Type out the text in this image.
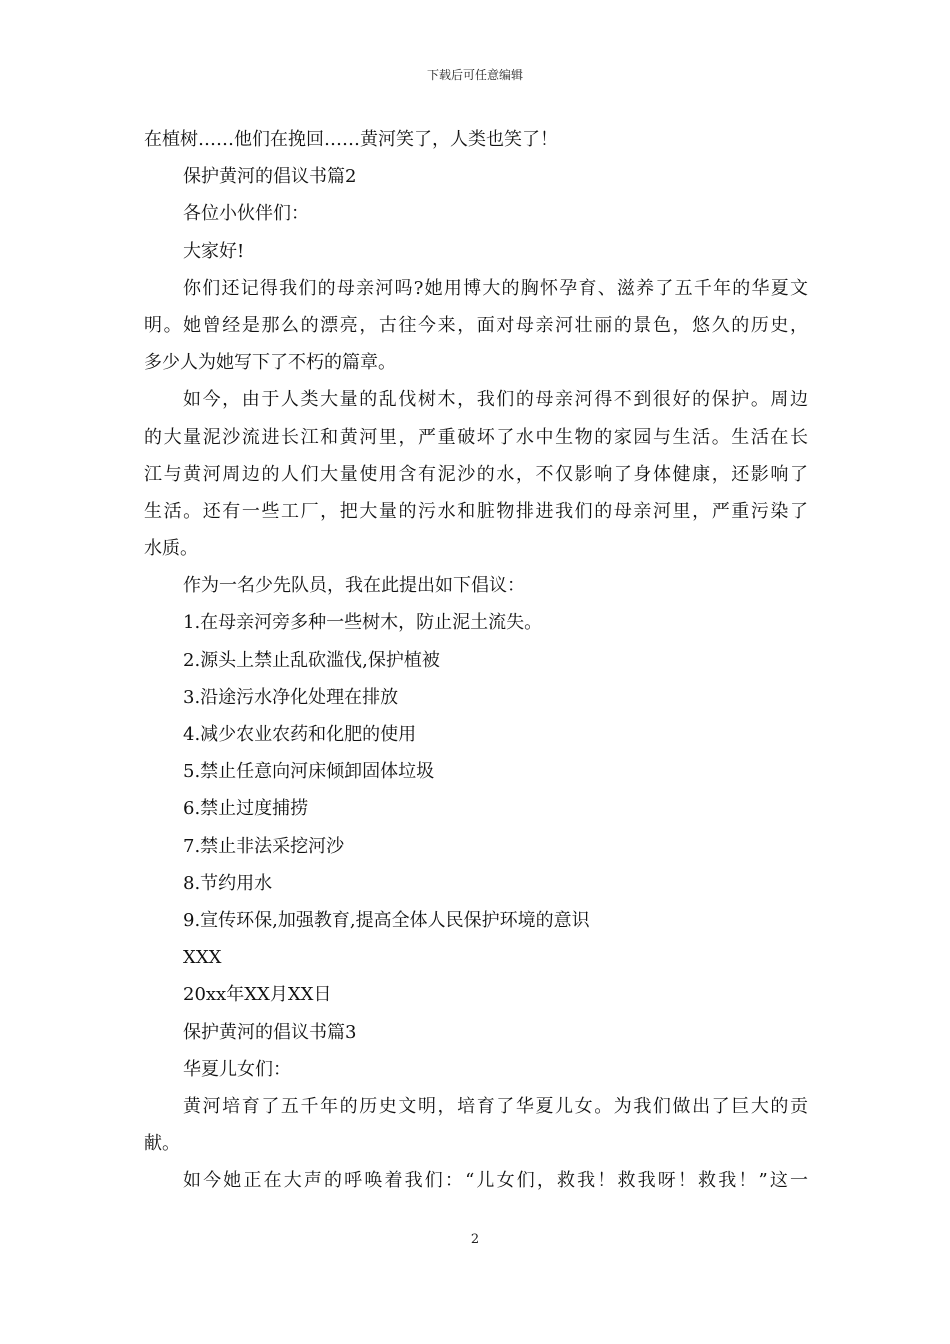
下载后可任意编辑
在植树……他们在挽回……黄河笑了，人类也笑了！
保护黄河的倡议书篇2
各位小伙伴们：
大家好!
你们还记得我们的母亲河吗?她用博大的胸怀孕育、滋养了五千年的华夏文
明。她曾经是那么的漂亮，古往今来，面对母亲河壮丽的景色，悠久的历史，
多少人为她写下了不朽的篇章。
如今，由于人类大量的乱伐树木，我们的母亲河得不到很好的保护。周边
的大量泥沙流进长江和黄河里，严重破坏了水中生物的家园与生活。生活在长
江与黄河周边的人们大量使用含有泥沙的水，不仅影响了身体健康，还影响了
生活。还有一些工厂，把大量的污水和脏物排进我们的母亲河里，严重污染了
水质。
作为一名少先队员，我在此提出如下倡议：
1.在母亲河旁多种一些树木，防止泥土流失。
2.源头上禁止乱砍滥伐,保护植被
3.沿途污水净化处理在排放
4.减少农业农药和化肥的使用
5.禁止任意向河床倾卸固体垃圾
6.禁止过度捕捞
7.禁止非法采挖河沙
8.节约用水
9.宣传环保,加强教育,提高全体人民保护环境的意识
XXX
20xx年XX月XX日
保护黄河的倡议书篇3
华夏儿女们：
黄河培育了五千年的历史文明，培育了华夏儿女。为我们做出了巨大的贡
献。
如今她正在大声的呼唤着我们：“儿女们，救我！救我呀！救我！”这一
2
